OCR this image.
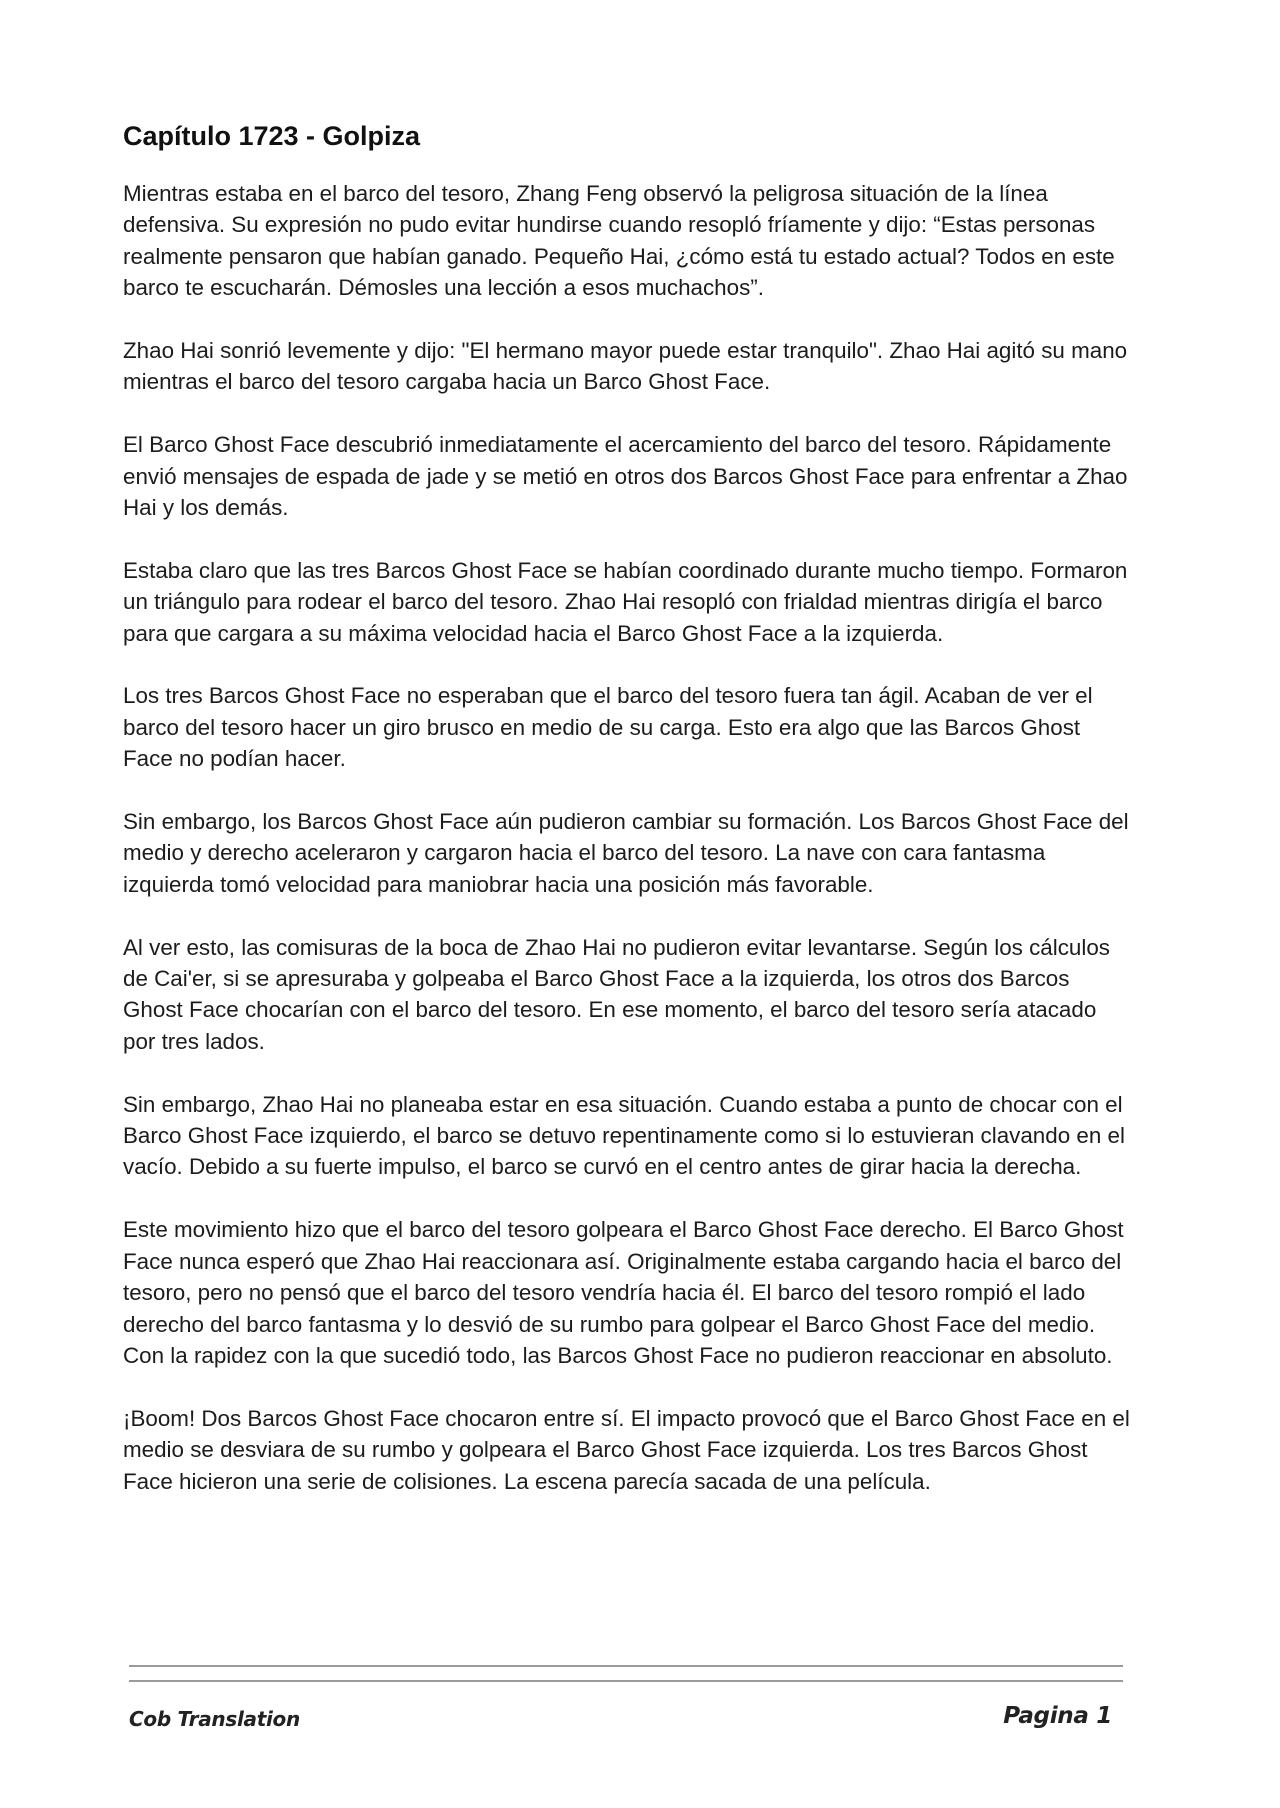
Capítulo 1723 - Golpiza

Mientras estaba en el barco del tesoro, Zhang Feng observó la peligrosa situación de la línea defensiva. Su expresión no pudo evitar hundirse cuando resopló fríamente y dijo: “Estas personas realmente pensaron que habían ganado. Pequeño Hai, ¿cómo está tu estado actual? Todos en este barco te escucharán. Démosles una lección a esos muchachos”.

Zhao Hai sonrió levemente y dijo: "El hermano mayor puede estar tranquilo". Zhao Hai agitó su mano mientras el barco del tesoro cargaba hacia un Barco Ghost Face.

El Barco Ghost Face descubrió inmediatamente el acercamiento del barco del tesoro. Rápidamente envió mensajes de espada de jade y se metió en otros dos Barcos Ghost Face para enfrentar a Zhao Hai y los demás.

Estaba claro que las tres Barcos Ghost Face se habían coordinado durante mucho tiempo. Formaron un triángulo para rodear el barco del tesoro. Zhao Hai resopló con frialdad mientras dirigía el barco para que cargara a su máxima velocidad hacia el Barco Ghost Face a la izquierda.

Los tres Barcos Ghost Face no esperaban que el barco del tesoro fuera tan ágil. Acaban de ver el barco del tesoro hacer un giro brusco en medio de su carga. Esto era algo que las Barcos Ghost Face no podían hacer.

Sin embargo, los Barcos Ghost Face aún pudieron cambiar su formación. Los Barcos Ghost Face del medio y derecho aceleraron y cargaron hacia el barco del tesoro. La nave con cara fantasma izquierda tomó velocidad para maniobrar hacia una posición más favorable.

Al ver esto, las comisuras de la boca de Zhao Hai no pudieron evitar levantarse. Según los cálculos de Cai'er, si se apresuraba y golpeaba el Barco Ghost Face a la izquierda, los otros dos Barcos Ghost Face chocarían con el barco del tesoro. En ese momento, el barco del tesoro sería atacado por tres lados.

Sin embargo, Zhao Hai no planeaba estar en esa situación. Cuando estaba a punto de chocar con el Barco Ghost Face izquierdo, el barco se detuvo repentinamente como si lo estuvieran clavando en el vacío. Debido a su fuerte impulso, el barco se curvó en el centro antes de girar hacia la derecha.

Este movimiento hizo que el barco del tesoro golpeara el Barco Ghost Face derecho. El Barco Ghost Face nunca esperó que Zhao Hai reaccionara así. Originalmente estaba cargando hacia el barco del tesoro, pero no pensó que el barco del tesoro vendría hacia él. El barco del tesoro rompió el lado derecho del barco fantasma y lo desvió de su rumbo para golpear el Barco Ghost Face del medio. Con la rapidez con la que sucedió todo, las Barcos Ghost Face no pudieron reaccionar en absoluto.

¡Boom! Dos Barcos Ghost Face chocaron entre sí. El impacto provocó que el Barco Ghost Face en el medio se desviara de su rumbo y golpeara el Barco Ghost Face izquierda. Los tres Barcos Ghost Face hicieron una serie de colisiones. La escena parecía sacada de una película.

Cob Translation	Pagina 1
